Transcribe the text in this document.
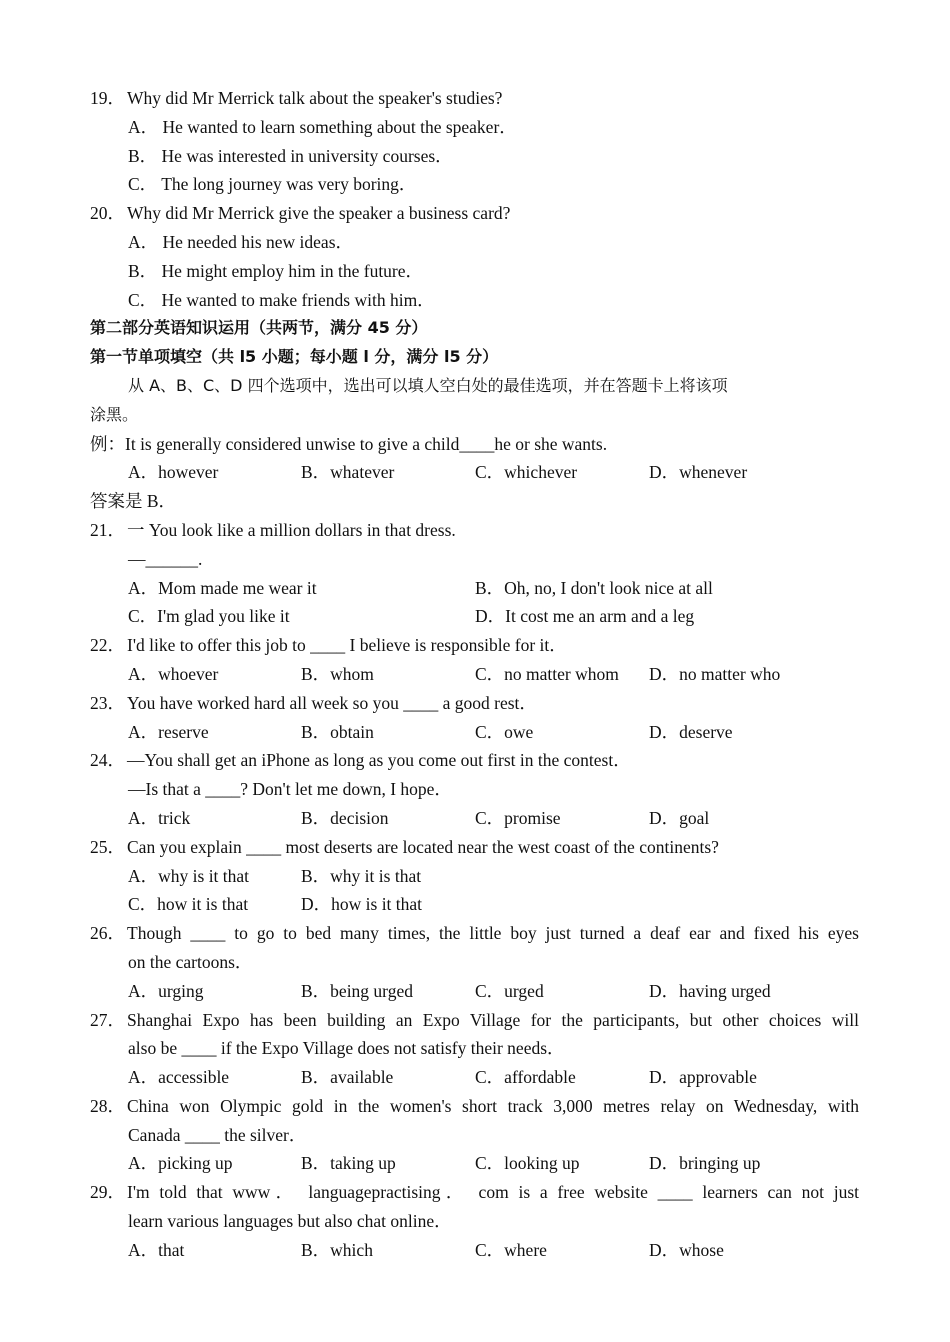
19． Why did Mr Merrick talk about the speaker's studies?
A． He wanted to learn something about the speaker．
B． He was interested in university courses．
C． The long journey was very boring．
20． Why did Mr Merrick give the speaker a business card?
A． He needed his new ideas．
B． He might employ him in the future．
C． He wanted to make friends with him．
第二部分英语知识运用（共两节，满分 45 分）
第一节单项填空（共 l5 小题；每小题 l 分，满分 l5 分）
从 A、B、C、D 四个选项中，选出可以填人空白处的最佳选项，并在答题卡上将该项
涂黑。
例：It is generally considered unwise to give a child____he or she wants.
A．however	B．whatever	C．whichever	D．whenever
答案是 B．
21． 一 You look like a million dollars in that dress.
—______.
A．Mom made me wear it	B．Oh, no, I don't look nice at all
C．I'm glad you like it	D．It cost me an arm and a leg
22． I'd like to offer this job to ____ I believe is responsible for it．
A．whoever	B．whom	C．no matter whom D．no matter who
23． You have worked hard all week so you ____ a good rest．
A．reserve	B．obtain	C．owe	D．deserve
24． —You shall get an iPhone as long as you come out first in the contest．
—Is that a ____? Don't let me down, I hope．
A．trick	B．decision	C．promise	D．goal
25． Can you explain ____ most deserts are located near the west coast of the continents?
A．why is it that	B．why it is that
C．how it is that	D．how is it that
26． Though ____ to go to bed many times, the little boy just turned a deaf ear and fixed his eyes
on the cartoons．
A．urging	B．being urged	C．urged	D．having urged
27． Shanghai Expo has been building an Expo Village for the participants, but other choices will
also be ____ if the Expo Village does not satisfy their needs．
A．accessible	B．available	C．affordable	D．approvable
28． China won Olympic gold in the women's short track 3,000 metres relay on Wednesday, with
Canada ____ the silver．
A．picking up	B．taking up	C．looking up	D．bringing up
29． I'm told that www． languagepractising． com is a free website ____ learners can not just
learn various languages but also chat online．
A．that	B．which	C．where	D．whose
